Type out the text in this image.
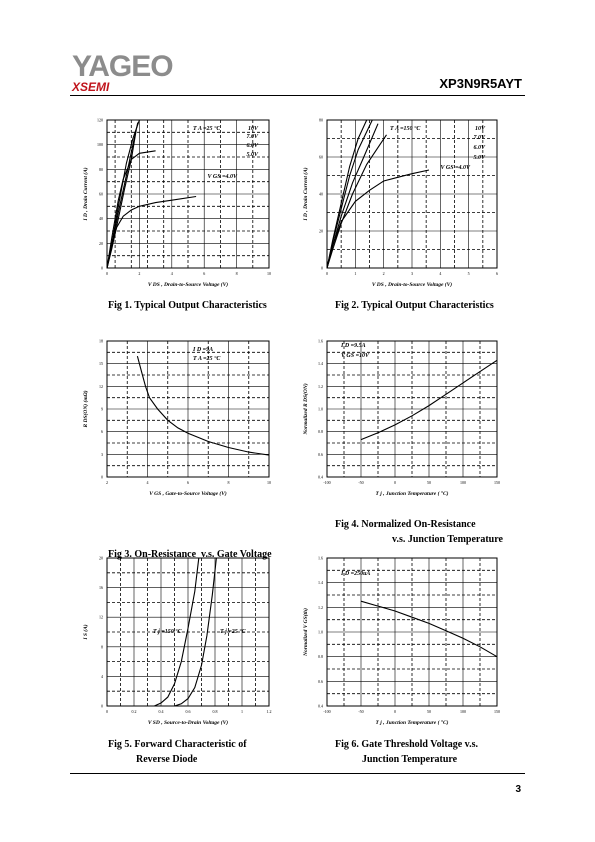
YAGEO
XSEMI	XP3N9R5AYT
0	2	4	6	8	10
0
20
40
60
80
100
120
V DS , Drain-to-Source Voltage (V)
I D , Drain Current (A)
T A =25 °C	10V
7.0V
6.0V
5.0V
V GS =4.0V
0	1	2	3	4	5	6
0
20
40
60
80
V DS , Drain-to-Source Voltage (V)
I D , Drain Current (A)
T A =150 °C	10V
7.0V
6.0V
5.0V
V GS =4.0V
2	4	6	8	10
0
3
6
9
12
15
18
V GS , Gate-to-Source Voltage (V)
R DS(ON) (mΩ)
I D =9A
T A =25 °C
-100	-50	0	50	100	150
0.4
0.6
0.8
1.0
1.2
1.4
1.6
T j , Junction Temperature ( °C)
Normalized R DS(ON)
I D =9.5A
V GS =10V
0	0.2	0.4	0.6	0.8	1	1.2
0
4
8
12
16
20
V SD , Source-to-Drain Voltage (V)
I S (A)	T j =150 °C	T j =25 °C
-100	-50	0	50	100	150
0.4
0.6
0.8
1.0
1.2
1.4
1.6
T j , Junction Temperature ( °C)
Normalized V GS(th)
I D =250uA
Fig 1. Typical Output Characteristics	Fig 2. Typical Output Characteristics

Fig 3. On-Resistance  v.s. Gate Voltage

Fig 4. Normalized On-Resistance
v.s. Junction Temperature
Fig 5. Forward Characteristic of
Reverse Diode
Fig 6. Gate Threshold Voltage v.s.
Junction Temperature
3
